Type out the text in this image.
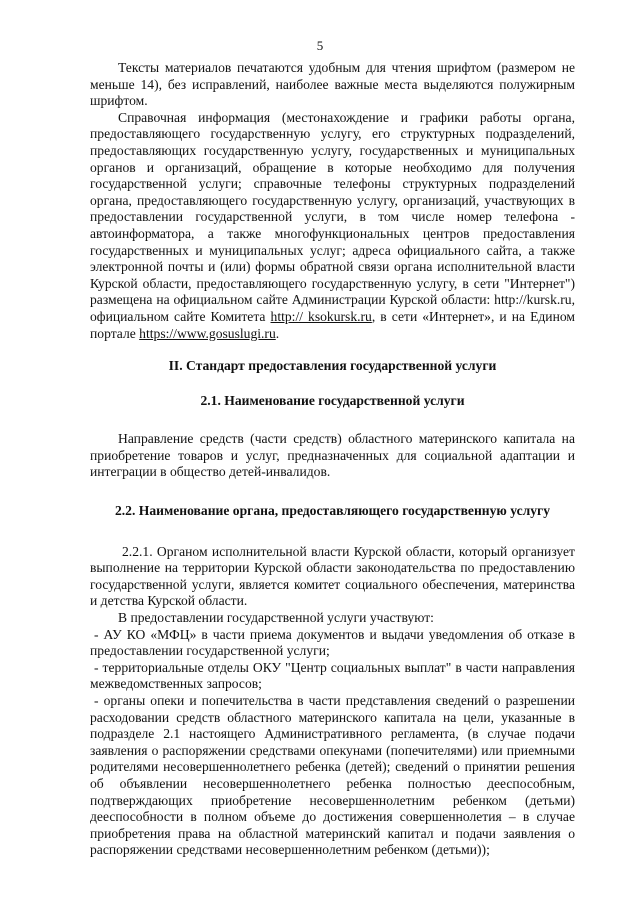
5

Тексты материалов печатаются удобным для чтения шрифтом (размером не меньше 14), без исправлений, наиболее важные места выделяются полужирным шрифтом.

Справочная информация (местонахождение и графики работы органа, предоставляющего государственную услугу, его структурных подразделений, предоставляющих государственную услугу, государственных и муниципальных органов и организаций, обращение в которые необходимо для получения государственной услуги; справочные телефоны структурных подразделений органа, предоставляющего государственную услугу, организаций, участвующих в предоставлении государственной услуги, в том числе номер телефона - автоинформатора, а также многофункциональных центров предоставления государственных и муниципальных услуг; адреса официального сайта, а также электронной почты и (или) формы обратной связи органа исполнительной власти Курской области, предоставляющего государственную услугу, в сети "Интернет") размещена на официальном сайте Администрации Курской области: http://kursk.ru, официальном сайте Комитета http:// ksokursk.ru, в сети «Интернет», и на Едином портале https://www.gosuslugi.ru.

II. Стандарт предоставления государственной услуги

2.1. Наименование государственной услуги

Направление средств (части средств) областного материнского капитала на приобретение товаров и услуг, предназначенных для социальной адаптации и интеграции в общество детей-инвалидов.

2.2. Наименование органа, предоставляющего государственную услугу

2.2.1. Органом исполнительной власти Курской области, который организует выполнение на территории Курской области законодательства по предоставлению государственной услуги, является комитет социального обеспечения, материнства и детства Курской области.

В предоставлении государственной услуги участвуют:

- АУ КО «МФЦ» в части приема документов и выдачи уведомления об отказе в предоставлении государственной услуги;

- территориальные отделы ОКУ "Центр социальных выплат" в части направления межведомственных запросов;

- органы опеки и попечительства в части представления сведений о разрешении расходовании средств областного материнского капитала на цели, указанные в подразделе 2.1 настоящего Административного регламента, (в случае подачи заявления о распоряжении средствами опекунами (попечителями) или приемными родителями несовершеннолетнего ребенка (детей); сведений о принятии решения об объявлении несовершеннолетнего ребенка полностью дееспособным, подтверждающих приобретение несовершеннолетним ребенком (детьми) дееспособности в полном объеме до достижения совершеннолетия – в случае приобретения права на областной материнский капитал и подачи заявления о распоряжении средствами несовершеннолетним ребенком (детьми));
